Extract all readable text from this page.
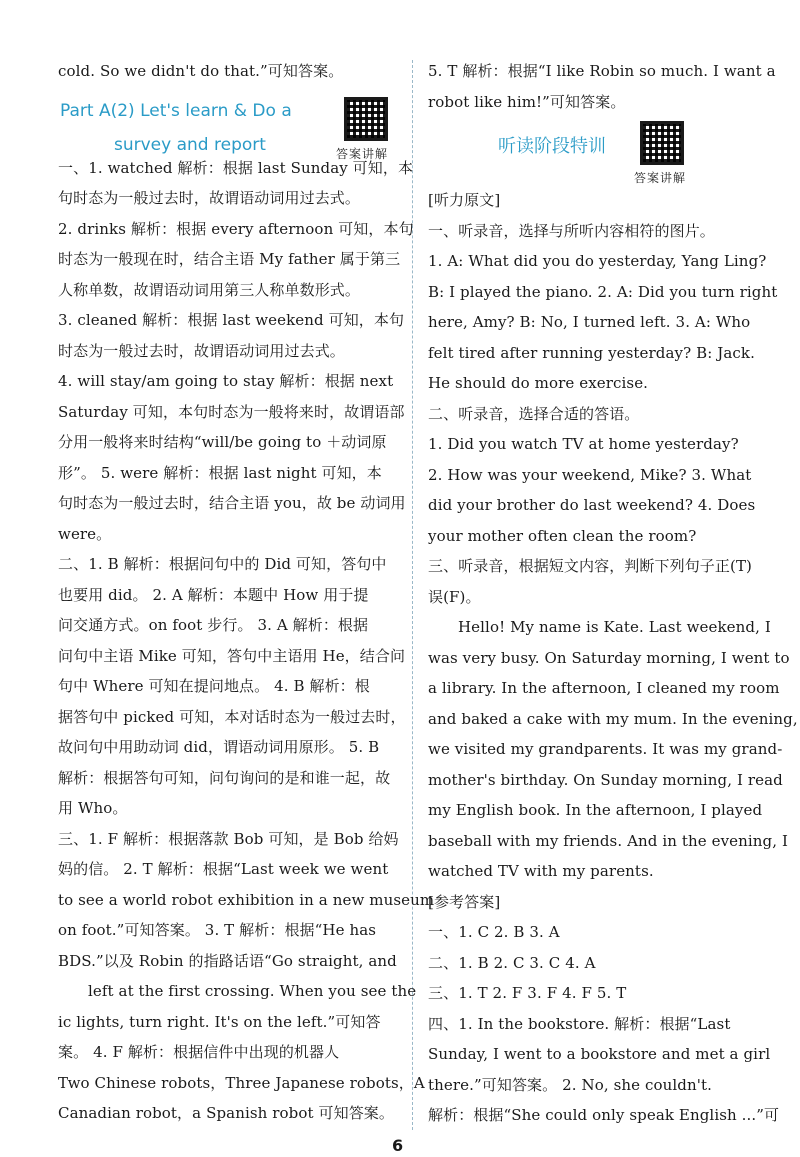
cold. So we didn't do that.”可知答案。

Part A(2) Let's learn & Do a
survey and report	答案讲解

一、1. watched 解析：根据 last Sunday 可知，本

句时态为一般过去时，故谓语动词用过去式。

2. drinks 解析：根据 every afternoon 可知，本句

时态为一般现在时，结合主语 My father 属于第三

人称单数，故谓语动词用第三人称单数形式。

3. cleaned 解析：根据 last weekend 可知，本句

时态为一般过去时，故谓语动词用过去式。

4. will stay/am going to stay 解析：根据 next

Saturday 可知，本句时态为一般将来时，故谓语部

分用一般将来时结构“will/be going to ＋动词原

形”。 5. were 解析：根据 last night 可知，本

句时态为一般过去时，结合主语 you，故 be 动词用

were。

二、1. B 解析：根据问句中的 Did 可知，答句中

也要用 did。 2. A 解析：本题中 How 用于提

问交通方式。on foot 步行。 3. A 解析：根据

问句中主语 Mike 可知，答句中主语用 He，结合问

句中 Where 可知在提问地点。 4. B 解析：根

据答句中 picked 可知，本对话时态为一般过去时，

故问句中用助动词 did，谓语动词用原形。 5. B

解析：根据答句可知，问句询问的是和谁一起，故

用 Who。

三、1. F 解析：根据落款 Bob 可知，是 Bob 给妈

妈的信。 2. T 解析：根据“Last week we went

to see a world robot exhibition in a new museum

on foot.”可知答案。 3. T 解析：根据“He has

BDS.”以及 Robin 的指路话语“Go straight, and

left at the first crossing. When you see the

ic lights, turn right. It's on the left.”可知答

案。 4. F 解析：根据信件中出现的机器人

Two Chinese robots，Three Japanese robots，A

Canadian robot，a Spanish robot 可知答案。

5. T 解析：根据“I like Robin so much. I want a

robot like him!”可知答案。

听读阶段特训
答案讲解

[听力原文]

一、听录音，选择与所听内容相符的图片。

1. A: What did you do yesterday, Yang Ling?

B: I played the piano. 2. A: Did you turn right

here, Amy? B: No, I turned left. 3. A: Who

felt tired after running yesterday? B: Jack.

He should do more exercise.

二、听录音，选择合适的答语。

1. Did you watch TV at home yesterday?

2. How was your weekend, Mike? 3. What

did your brother do last weekend? 4. Does

your mother often clean the room?

三、听录音，根据短文内容，判断下列句子正(T)

误(F)。

Hello! My name is Kate. Last weekend, I

was very busy. On Saturday morning, I went to

a library. In the afternoon, I cleaned my room

and baked a cake with my mum. In the evening,

we visited my grandparents. It was my grand-

mother's birthday. On Sunday morning, I read

my English book. In the afternoon, I played

baseball with my friends. And in the evening, I

watched TV with my parents.

[参考答案]

一、1. C 2. B 3. A

二、1. B 2. C 3. C 4. A

三、1. T 2. F 3. F 4. F 5. T

四、1. In the bookstore. 解析：根据“Last

Sunday, I went to a bookstore and met a girl

there.”可知答案。 2. No, she couldn't.

解析：根据“She could only speak English ...”可

6
